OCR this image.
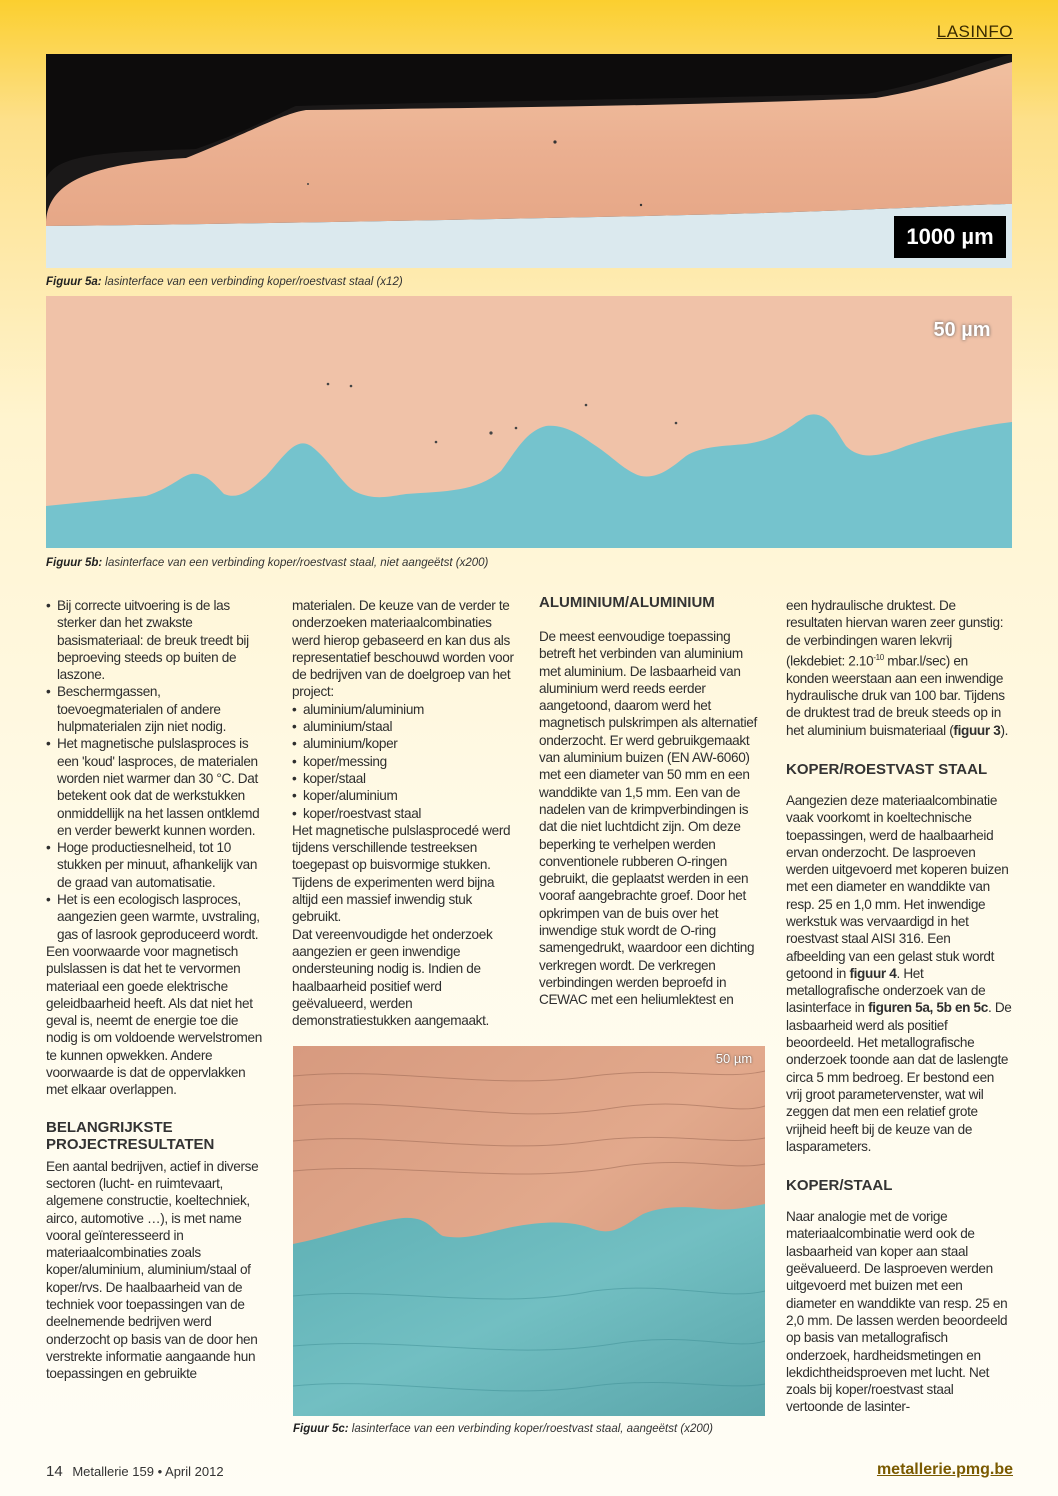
LASINFO
1000 µm
Figuur 5a: lasinterface van een verbinding koper/roestvast staal (x12)
50 µm
Figuur 5b: lasinterface van een verbinding koper/roestvast staal, niet aangeëtst (x200)
• Bij correcte uitvoering is de las sterker dan het zwakste basismateriaal: de breuk treedt bij beproeving steeds op buiten de laszone.
• Beschermgassen, toevoegmaterialen of andere hulpmaterialen zijn niet nodig.
• Het magnetische pulslasproces is een 'koud' lasproces, de materialen worden niet warmer dan 30 °C. Dat betekent ook dat de werkstukken onmiddellijk na het lassen ontklemd en verder bewerkt kunnen worden.
• Hoge productiesnelheid, tot 10 stukken per minuut, afhankelijk van de graad van automatisatie.
• Het is een ecologisch lasproces, aangezien geen warmte, uvstraling, gas of lasrook geproduceerd wordt.

Een voorwaarde voor magnetisch pulslassen is dat het te vervormen materiaal een goede elektrische geleidbaarheid heeft. Als dat niet het geval is, neemt de energie toe die nodig is om voldoende wervelstromen te kunnen opwekken. Andere voorwaarde is dat de oppervlakken met elkaar overlappen.

BELANGRIJKSTE PROJECTRESULTATEN

Een aantal bedrijven, actief in diverse sectoren (lucht- en ruimtevaart, algemene constructie, koeltechniek, airco, automotive …), is met name vooral geïnteresseerd in materiaalcombinaties zoals koper/aluminium, aluminium/staal of koper/rvs. De haalbaarheid van de techniek voor toepassingen van de deelnemende bedrijven werd onderzocht op basis van de door hen verstrekte informatie aangaande hun toepassingen en gebruikte

materialen. De keuze van de verder te onderzoeken materiaalcombinaties werd hierop gebaseerd en kan dus als representatief beschouwd worden voor de bedrijven van de doelgroep van het project:

• aluminium/aluminium
• aluminium/staal
• aluminium/koper
• koper/messing
• koper/staal
• koper/aluminium
• koper/roestvast staal

Het magnetische pulslasprocedé werd tijdens verschillende testreeksen toegepast op buisvormige stukken. Tijdens de experimenten werd bijna altijd een massief inwendig stuk gebruikt.

Dat vereenvoudigde het onderzoek aangezien er geen inwendige ondersteuning nodig is. Indien de haalbaarheid positief werd geëvalueerd, werden demonstratiestukken aangemaakt.

ALUMINIUM/ALUMINIUM

De meest eenvoudige toepassing betreft het verbinden van aluminium met aluminium. De lasbaarheid van aluminium werd reeds eerder aangetoond, daarom werd het magnetisch pulskrimpen als alternatief onderzocht. Er werd gebruikgemaakt van aluminium buizen (EN AW-6060) met een diameter van 50 mm en een wanddikte van 1,5 mm. Een van de nadelen van de krimpverbindingen is dat die niet luchtdicht zijn. Om deze beperking te verhelpen werden conventionele rubberen O-ringen gebruikt, die geplaatst werden in een vooraf aangebrachte groef. Door het opkrimpen van de buis over het inwendige stuk wordt de O-ring samengedrukt, waardoor een dichting verkregen wordt. De verkregen verbindingen werden beproefd in CEWAC met een heliumlektest en

een hydraulische druktest. De resultaten hiervan waren zeer gunstig: de verbindingen waren lekvrij (lekdebiet: $2.10^{-10}$ mbar.l/sec) en konden weerstaan aan een inwendige hydraulische druk van 100 bar. Tijdens de druktest trad de breuk steeds op in het aluminium buismateriaal (figuur 3).

KOPER/ROESTVAST STAAL

Aangezien deze materiaalcombinatie vaak voorkomt in koeltechnische toepassingen, werd de haalbaarheid ervan onderzocht. De lasproeven werden uitgevoerd met koperen buizen met een diameter en wanddikte van resp. 25 en 1,0 mm. Het inwendige werkstuk was vervaardigd in het roestvast staal AISI 316. Een afbeelding van een gelast stuk wordt getoond in figuur 4. Het metallografische onderzoek van de lasinterface in figuren 5a, 5b en 5c. De lasbaarheid werd als positief beoordeeld. Het metallografische onderzoek toonde aan dat de laslengte circa 5 mm bedroeg. Er bestond een vrij groot parametervenster, wat wil zeggen dat men een relatief grote vrijheid heeft bij de keuze van de lasparameters.

KOPER/STAAL

Naar analogie met de vorige materiaalcombinatie werd ook de lasbaarheid van koper aan staal geëvalueerd. De lasproeven werden uitgevoerd met buizen met een diameter en wanddikte van resp. 25 en 2,0 mm. De lassen werden beoordeeld op basis van metallografisch onderzoek, hardheidsmetingen en lekdichtheidsproeven met lucht. Net zoals bij koper/roestvast staal vertoonde de lasinter-

50 µm
Figuur 5c: lasinterface van een verbinding koper/roestvast staal, aangeëtst (x200)
14 Metallerie 159 • April 2012	metallerie.pmg.be
